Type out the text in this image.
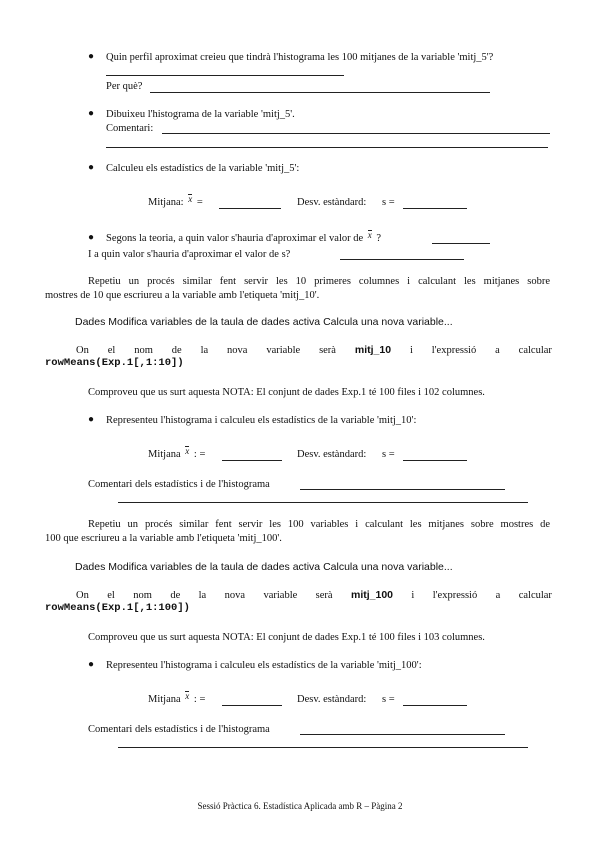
● Quin perfil aproximat creieu que tindrà l'histograma les 100 mitjanes de la variable 'mitj_5'?
Per què?
● Dibuixeu l'histograma de la variable 'mitj_5'.
Comentari:
● Calculeu els estadístics de la variable 'mitj_5':
Mitjana: x =	Desv. estàndard: s =
● Segons la teoria, a quin valor s'hauria d'aproximar el valor de x ?
I a quin valor s'hauria d'aproximar el valor de s?
Repetiu un procés similar fent servir les 10 primeres columnes i calculant les mitjanes sobre
mostres de 10 que escriureu a la variable amb l'etiqueta 'mitj_10'.
Dades Modifica variables de la taula de dades activa Calcula una nova variable...
On el nom de la nova variable serà mitj_10 i l'expressió a calcular
rowMeans(Exp.1[,1:10])
Comproveu que us surt aquesta NOTA: El conjunt de dades Exp.1 té 100 files i 102 columnes.
● Representeu l'histograma i calculeu els estadístics de la variable 'mitj_10':
Mitjana x : =	Desv. estàndard: s =
Comentari dels estadístics i de l'histograma
Repetiu un procés similar fent servir les 100 variables i calculant les mitjanes sobre mostres de
100 que escriureu a la variable amb l'etiqueta 'mitj_100'.
Dades Modifica variables de la taula de dades activa Calcula una nova variable...
On el nom de la nova variable serà mitj_100 i l'expressió a calcular
rowMeans(Exp.1[,1:100])
Comproveu que us surt aquesta NOTA: El conjunt de dades Exp.1 té 100 files i 103 columnes.
● Representeu l'histograma i calculeu els estadístics de la variable 'mitj_100':
Mitjana x : =	Desv. estàndard: s =
Comentari dels estadístics i de l'histograma
Sessió Pràctica 6. Estadística Aplicada amb R – Pàgina 2
